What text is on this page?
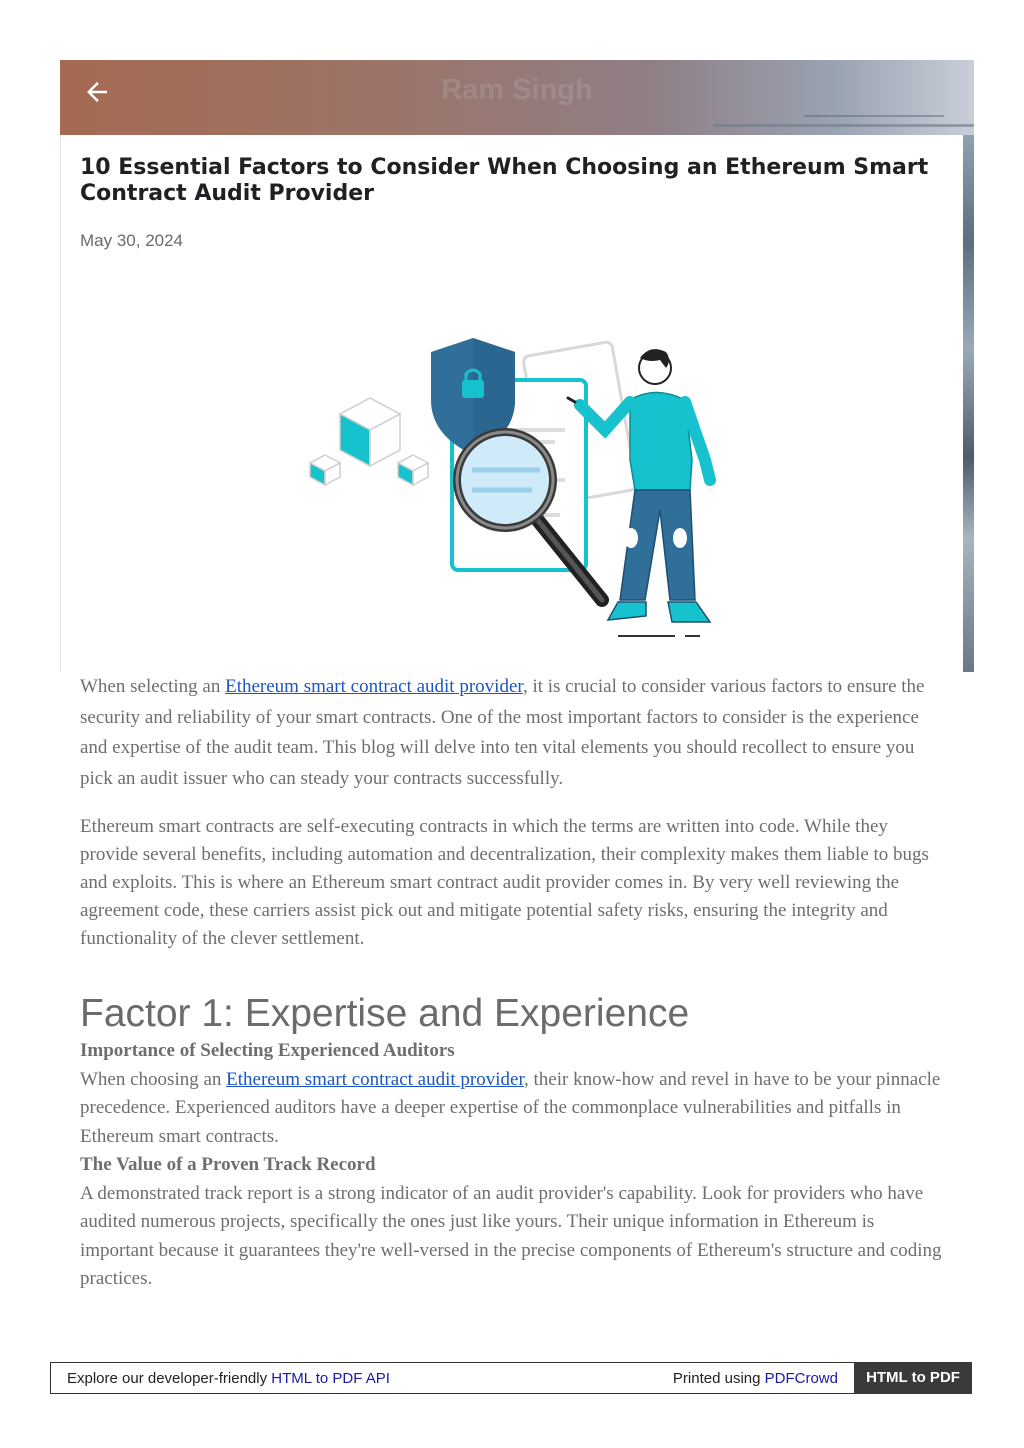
Ram Singh
10 Essential Factors to Consider When Choosing an Ethereum Smart Contract Audit Provider
May 30, 2024

When selecting an Ethereum smart contract audit provider, it is crucial to consider various factors to ensure the security and reliability of your smart contracts. One of the most important factors to consider is the experience and expertise of the audit team. This blog will delve into ten vital elements you should recollect to ensure you pick an audit issuer who can steady your contracts successfully.

Ethereum smart contracts are self-executing contracts in which the terms are written into code. While they provide several benefits, including automation and decentralization, their complexity makes them liable to bugs and exploits. This is where an Ethereum smart contract audit provider comes in. By very well reviewing the agreement code, these carriers assist pick out and mitigate potential safety risks, ensuring the integrity and functionality of the clever settlement.

Factor 1: Expertise and Experience

Importance of Selecting Experienced Auditors
When choosing an Ethereum smart contract audit provider, their know-how and revel in have to be your pinnacle precedence. Experienced auditors have a deeper expertise of the commonplace vulnerabilities and pitfalls in Ethereum smart contracts.

The Value of a Proven Track Record
A demonstrated track report is a strong indicator of an audit provider's capability. Look for providers who have audited numerous projects, specifically the ones just like yours. Their unique information in Ethereum is important because it guarantees they're well-versed in the precise components of Ethereum's structure and coding practices.

Explore our developer-friendly HTML to PDF API	Printed using PDFCrowd	HTML to PDF
